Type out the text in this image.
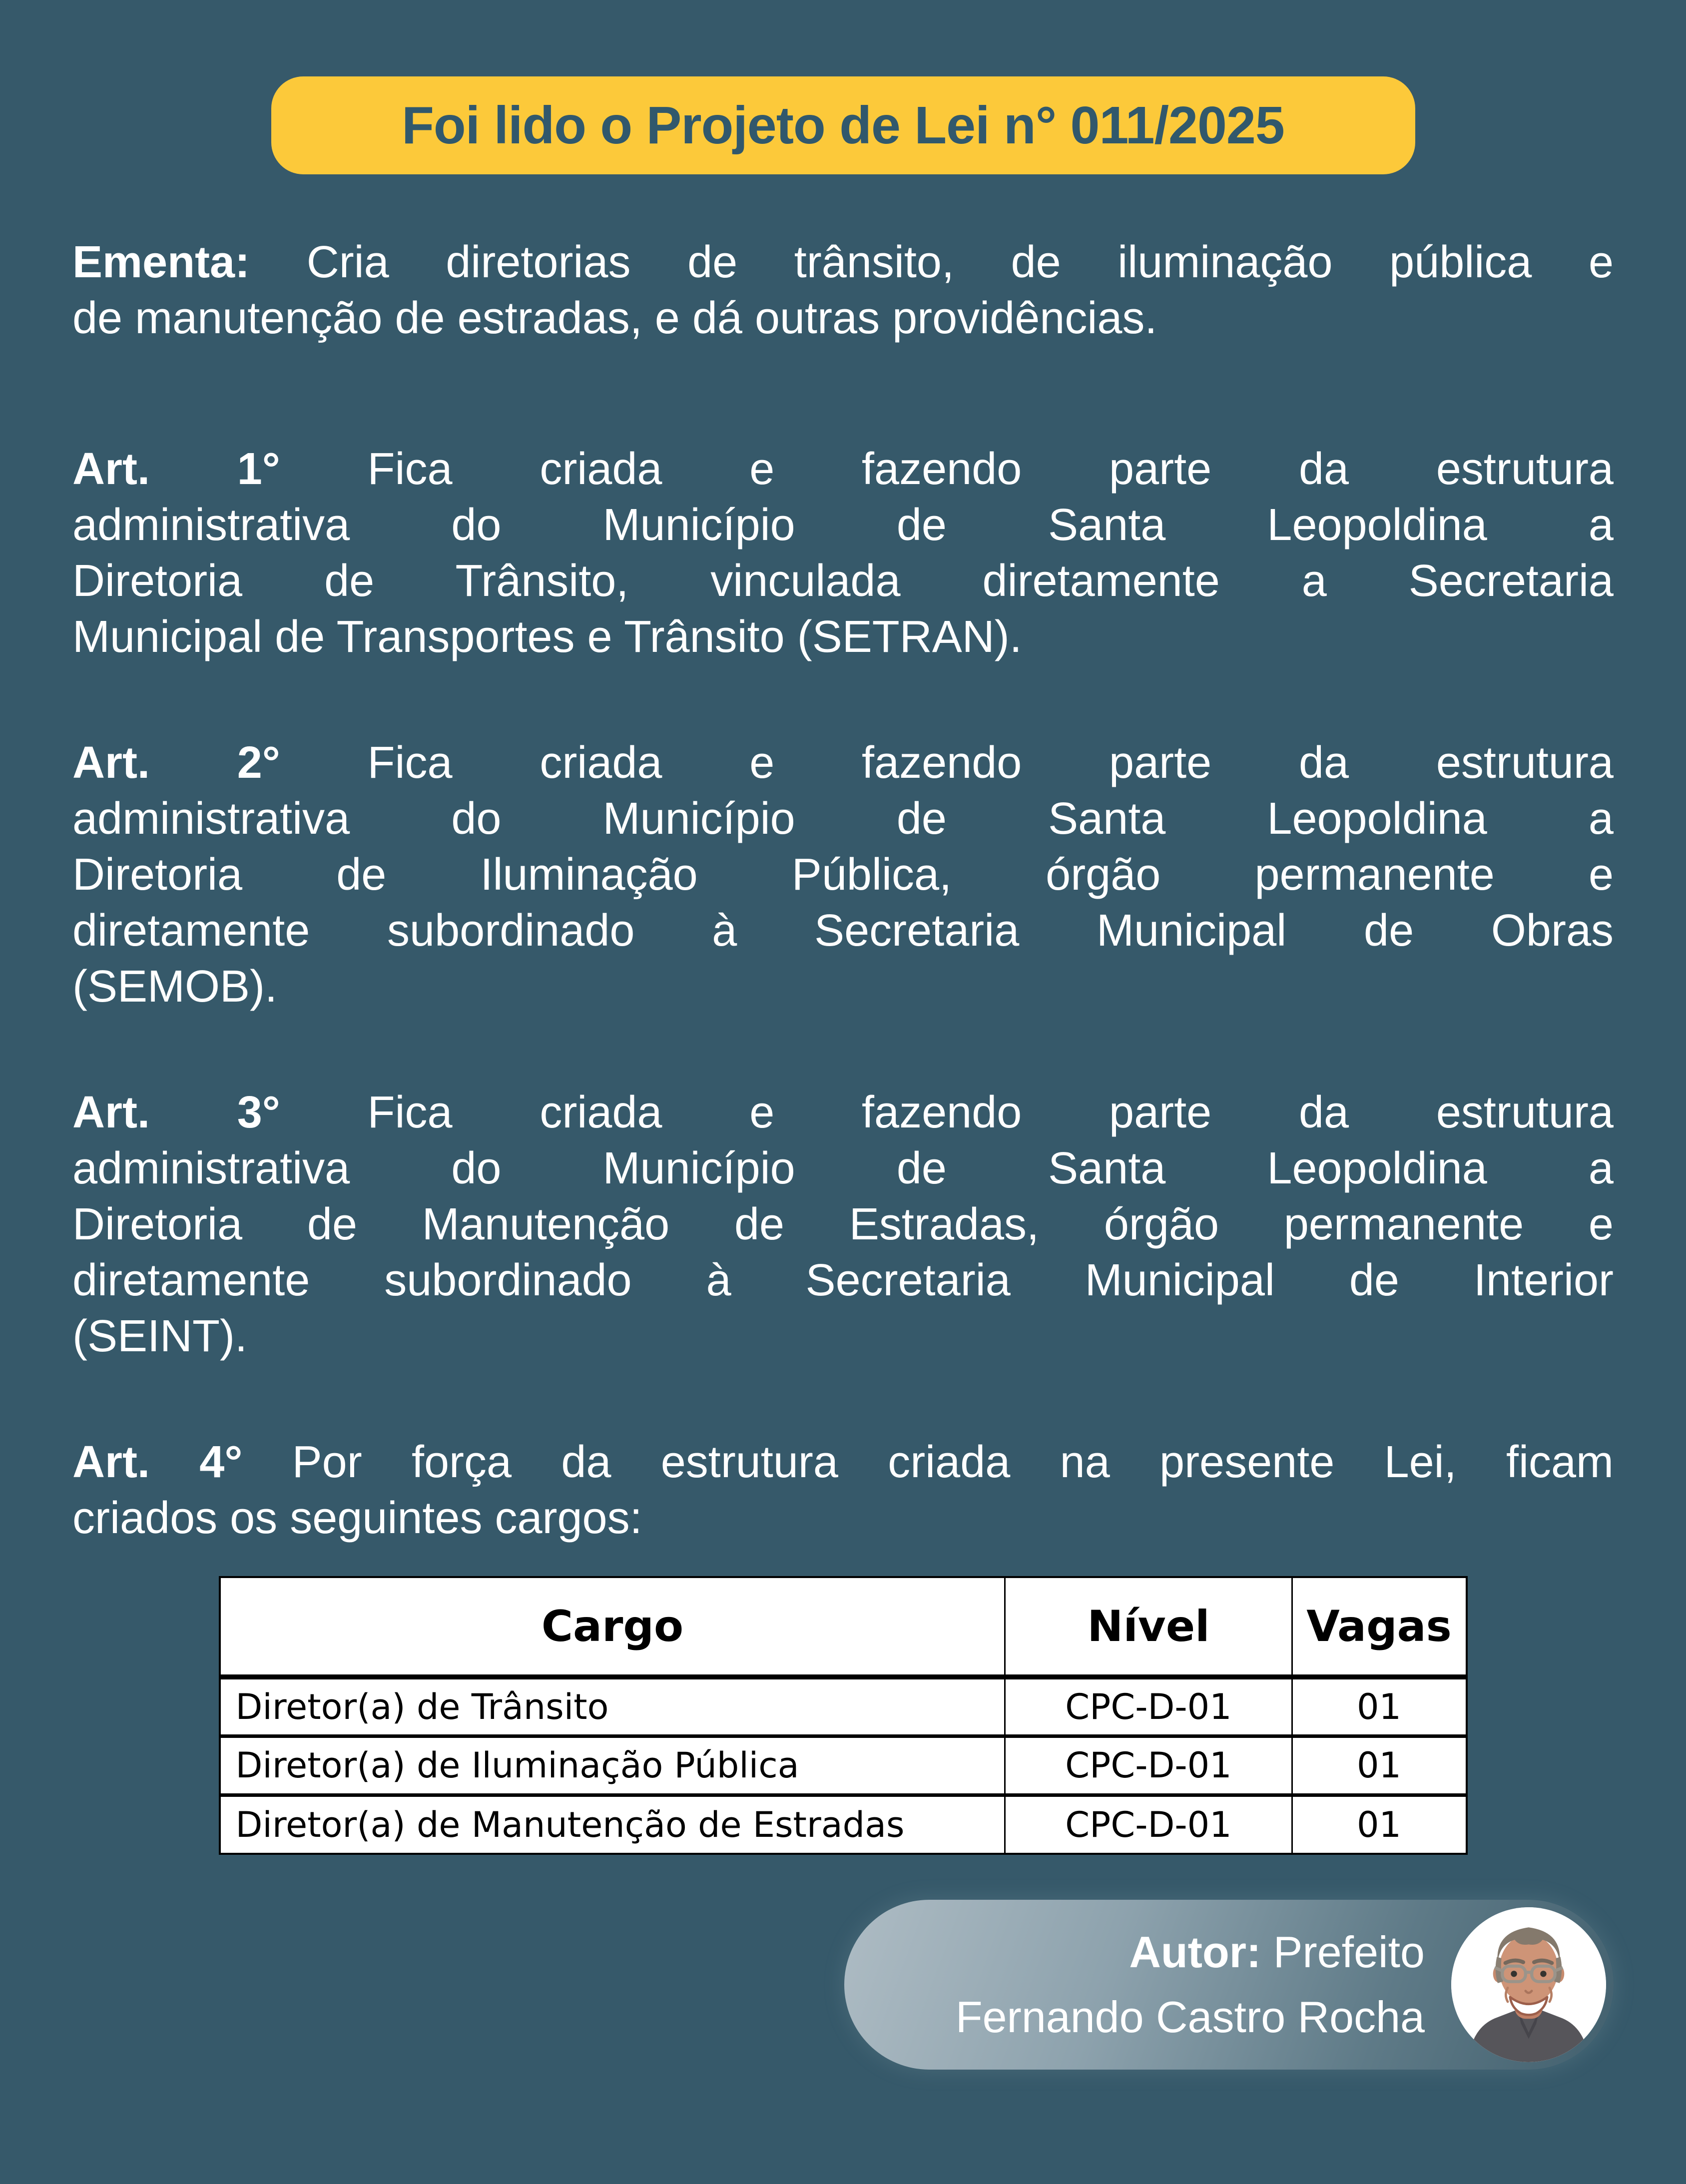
Foi lido o Projeto de Lei n° 011/2025
Ementa: Cria diretorias de trânsito, de iluminação pública e
de manutenção de estradas, e dá outras providências.
Art. 1° Fica criada e fazendo parte da estrutura
administrativa do Município de Santa Leopoldina a
Diretoria de Trânsito, vinculada diretamente a Secretaria
Municipal de Transportes e Trânsito (SETRAN).
Art. 2° Fica criada e fazendo parte da estrutura
administrativa do Município de Santa Leopoldina a
Diretoria de Iluminação Pública, órgão permanente e
diretamente subordinado à Secretaria Municipal de Obras
(SEMOB).
Art. 3° Fica criada e fazendo parte da estrutura
administrativa do Município de Santa Leopoldina a
Diretoria de Manutenção de Estradas, órgão permanente e
diretamente subordinado à Secretaria Municipal de Interior
(SEINT).
Art. 4° Por força da estrutura criada na presente Lei, ficam
criados os seguintes cargos:
Cargo	Nível	Vagas
Diretor(a) de Trânsito	CPC-D-01	01
Diretor(a) de Iluminação Pública	CPC-D-01	01
Diretor(a) de Manutenção de Estradas	CPC-D-01	01
Autor: Prefeito
Fernando Castro Rocha
